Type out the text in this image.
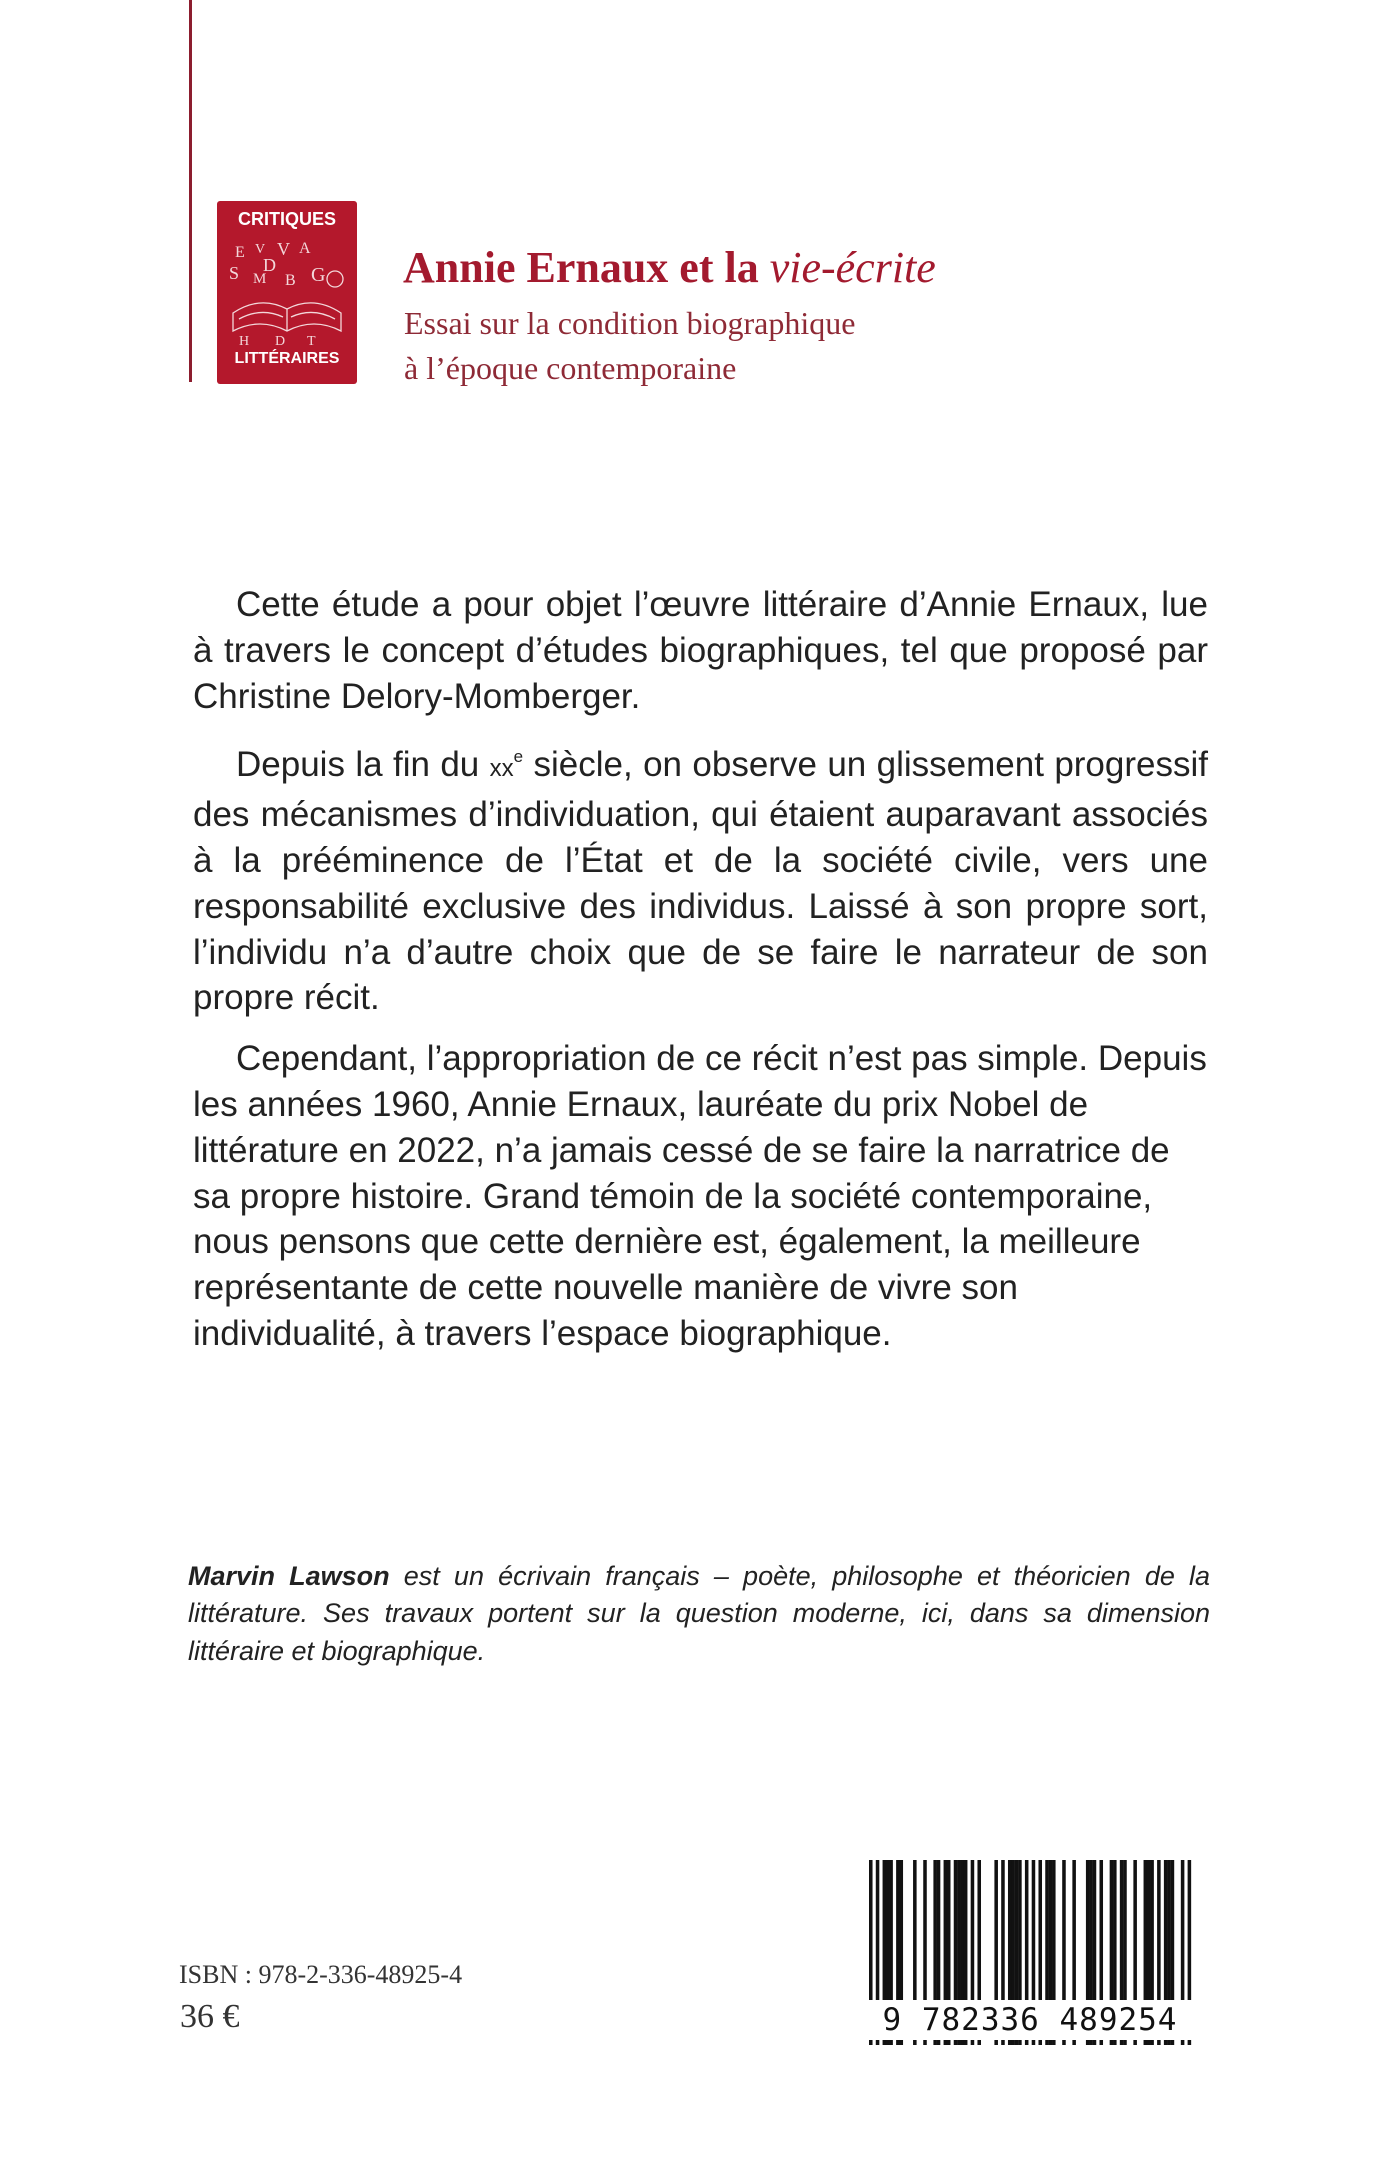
CRITIQUES
E V V A
S D
M B G
H D T
LITTÉRAIRES
Annie Ernaux et la vie-écrite
Essai sur la condition biographique
à l’époque contemporaine

Cette étude a pour objet l’œuvre littéraire d’Annie Ernaux, lue à travers le concept d’études biographiques, tel que proposé par Christine Delory-Momberger.

Depuis la fin du $xx^e$ siècle, on observe un glissement progressif des mécanismes d’individuation, qui étaient auparavant associés à la prééminence de l’État et de la société civile, vers une responsabilité exclusive des individus. Laissé à son propre sort, l’individu n’a d’autre choix que de se faire le narrateur de son propre récit.

Cependant, l’appropriation de ce récit n’est pas simple. Depuis les années 1960, Annie Ernaux, lauréate du prix Nobel de littérature en 2022, n’a jamais cessé de se faire la narratrice de sa propre histoire. Grand témoin de la société contemporaine, nous pensons que cette dernière est, également, la meilleure représentante de cette nouvelle manière de vivre son individualité, à travers l’espace biographique.

Marvin Lawson est un écrivain français – poète, philosophe et théoricien de la littérature. Ses travaux portent sur la question moderne, ici, dans sa dimension littéraire et biographique.
ISBN : 978-2-336-48925-4
36 €	9 782336 489254
